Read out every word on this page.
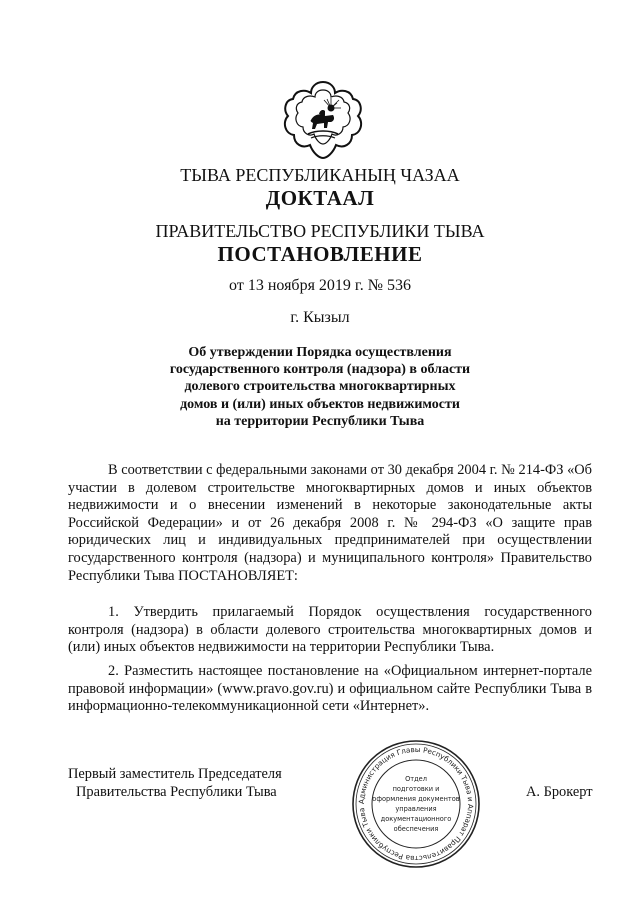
ТЫВА РЕСПУБЛИКАНЫҢ ЧАЗАА
ДОКТААЛ
ПРАВИТЕЛЬСТВО РЕСПУБЛИКИ ТЫВА
ПОСТАНОВЛЕНИЕ
от 13 ноября 2019 г. № 536
г. Кызыл
Об утверждении Порядка осуществления
государственного контроля (надзора) в области
долевого строительства многоквартирных
домов и (или) иных объектов недвижимости
на территории Республики Тыва

В соответствии с федеральными законами от 30 декабря 2004 г. № 214-ФЗ «Об участии в долевом строительстве многоквартирных домов и иных объектов недвижимости и о внесении изменений в некоторые законодательные акты Российской Федерации» и от 26 декабря 2008 г. № 294-ФЗ «О защите прав юридических лиц и индивидуальных предпринимателей при осуществлении государственного контроля (надзора) и муниципального контроля» Правительство Республики Тыва ПОСТАНОВЛЯЕТ:

1. Утвердить прилагаемый Порядок осуществления государственного контроля (надзора) в области долевого строительства многоквартирных домов и (или) иных объектов недвижимости на территории Республики Тыва.

2. Разместить настоящее постановление на «Официальном интернет-портале правовой информации» (www.pravo.gov.ru) и официальном сайте Республики Тыва в информационно-телекоммуникационной сети «Интернет».

Первый заместитель Председателя
Правительства Республики Тыва	А. Брокерт
Администрация Главы Республики Тыва и Аппарат Правительства Республики Тыва
Отдел
подготовки и
оформления документов
управления
документационного
обеспечения
